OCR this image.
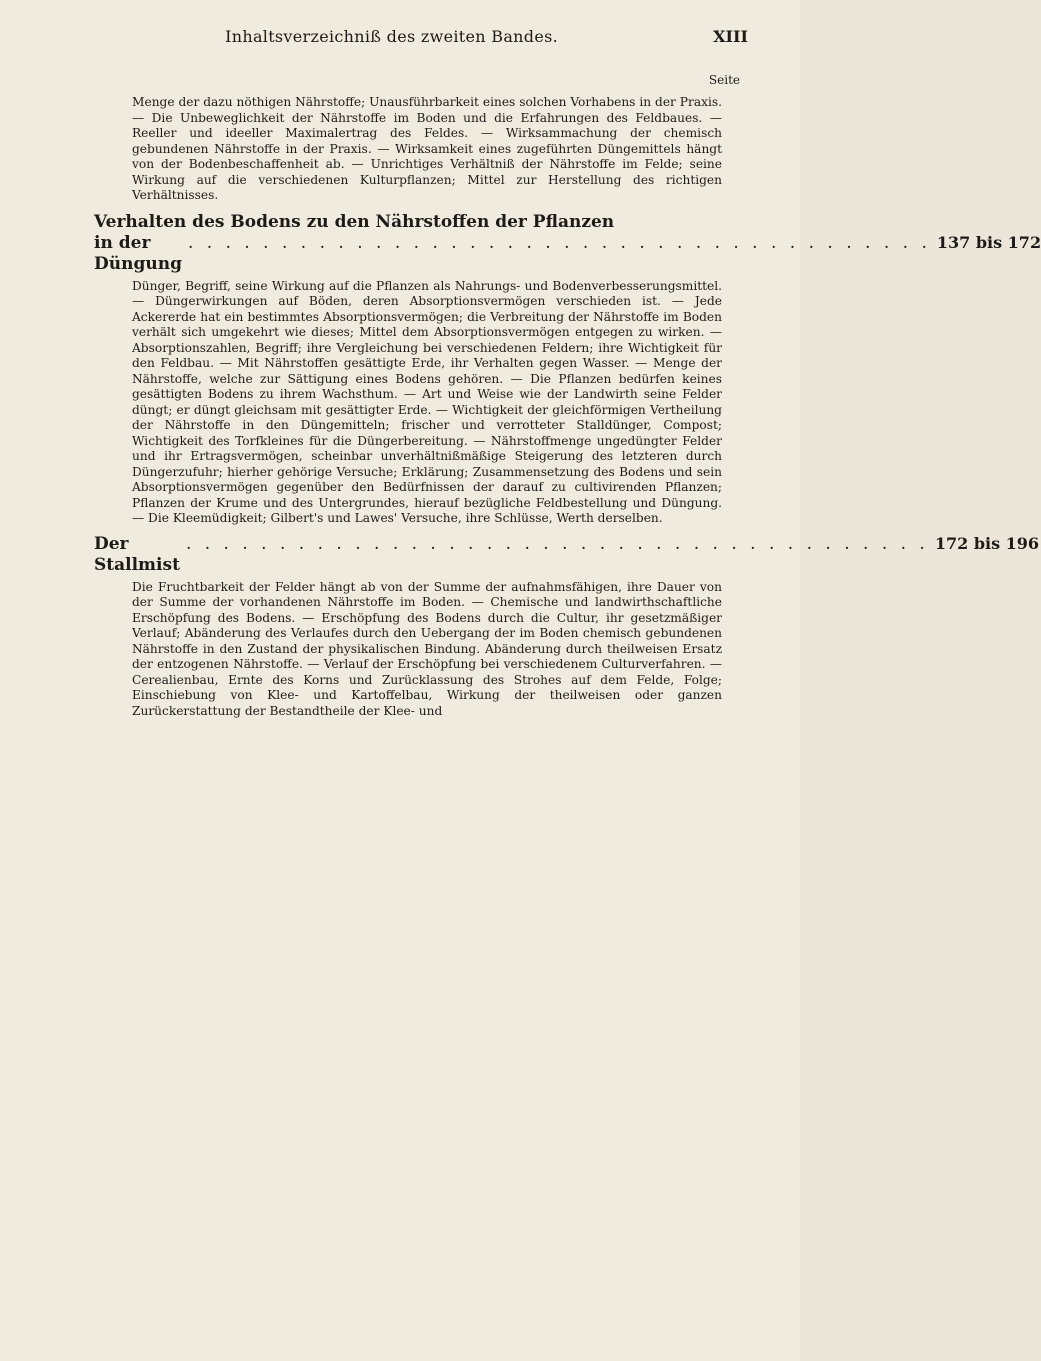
Inhaltsverzeichniß des zweiten Bandes.	XIII
Seite

Menge der dazu nöthigen Nährstoffe; Unausführbarkeit eines solchen Vorhabens in der Praxis. — Die Unbeweglichkeit der Nährstoffe im Boden und die Erfahrungen des Feldbaues. — Reeller und ideeller Maximalertrag des Feldes. — Wirksammachung der chemisch gebundenen Nährstoffe in der Praxis. — Wirksamkeit eines zugeführten Düngemittels hängt von der Bodenbeschaffenheit ab. — Unrichtiges Verhältniß der Nährstoffe im Felde; seine Wirkung auf die verschiedenen Kulturpflanzen; Mittel zur Herstellung des richtigen Verhältnisses.

Verhalten des Bodens zu den Nährstoffen der Pflanzen
in der Düngung
. . . . . . . . . . . . . . . . . . . . . . . . . . . . . . . . . . . . . . . . 137 bis 172

Dünger, Begriff, seine Wirkung auf die Pflanzen als Nahrungs- und Bodenverbesserungsmittel. — Düngerwirkungen auf Böden, deren Absorptionsvermögen verschieden ist. — Jede Ackererde hat ein bestimmtes Absorptionsvermögen; die Verbreitung der Nährstoffe im Boden verhält sich umgekehrt wie dieses; Mittel dem Absorptionsvermögen entgegen zu wirken. — Absorptionszahlen, Begriff; ihre Vergleichung bei verschiedenen Feldern; ihre Wichtigkeit für den Feldbau. — Mit Nährstoffen gesättigte Erde, ihr Verhalten gegen Wasser. — Menge der Nährstoffe, welche zur Sättigung eines Bodens gehören. — Die Pflanzen bedürfen keines gesättigten Bodens zu ihrem Wachsthum. — Art und Weise wie der Landwirth seine Felder düngt; er düngt gleichsam mit gesättigter Erde. — Wichtigkeit der gleichförmigen Vertheilung der Nährstoffe in den Düngemitteln; frischer und verrotteter Stalldünger, Compost; Wichtigkeit des Torfkleines für die Düngerbereitung. — Nährstoffmenge ungedüngter Felder und ihr Ertragsvermögen, scheinbar unverhältnißmäßige Steigerung des letzteren durch Düngerzufuhr; hierher gehörige Versuche; Erklärung; Zusammensetzung des Bodens und sein Absorptionsvermögen gegenüber den Bedürfnissen der darauf zu cultivirenden Pflanzen; Pflanzen der Krume und des Untergrundes, hierauf bezügliche Feldbestellung und Düngung. — Die Kleemüdigkeit; Gilbert's und Lawes' Versuche, ihre Schlüsse, Werth derselben.

Der Stallmist
. . . . . . . . . . . . . . . . . . . . . . . . . . . . . . . . . . . . . . . . 172 bis 196

Die Fruchtbarkeit der Felder hängt ab von der Summe der aufnahmsfähigen, ihre Dauer von der Summe der vorhandenen Nährstoffe im Boden. — Chemische und landwirthschaftliche Erschöpfung des Bodens. — Erschöpfung des Bodens durch die Cultur, ihr gesetzmäßiger Verlauf; Abänderung des Verlaufes durch den Uebergang der im Boden chemisch gebundenen Nährstoffe in den Zustand der physikalischen Bindung. Abänderung durch theilweisen Ersatz der entzogenen Nährstoffe. — Verlauf der Erschöpfung bei verschiedenem Culturverfahren. — Cerealienbau, Ernte des Korns und Zurücklassung des Strohes auf dem Felde, Folge; Einschiebung von Klee- und Kartoffelbau, Wirkung der theilweisen oder ganzen Zurückerstattung der Bestandtheile der Klee- und
